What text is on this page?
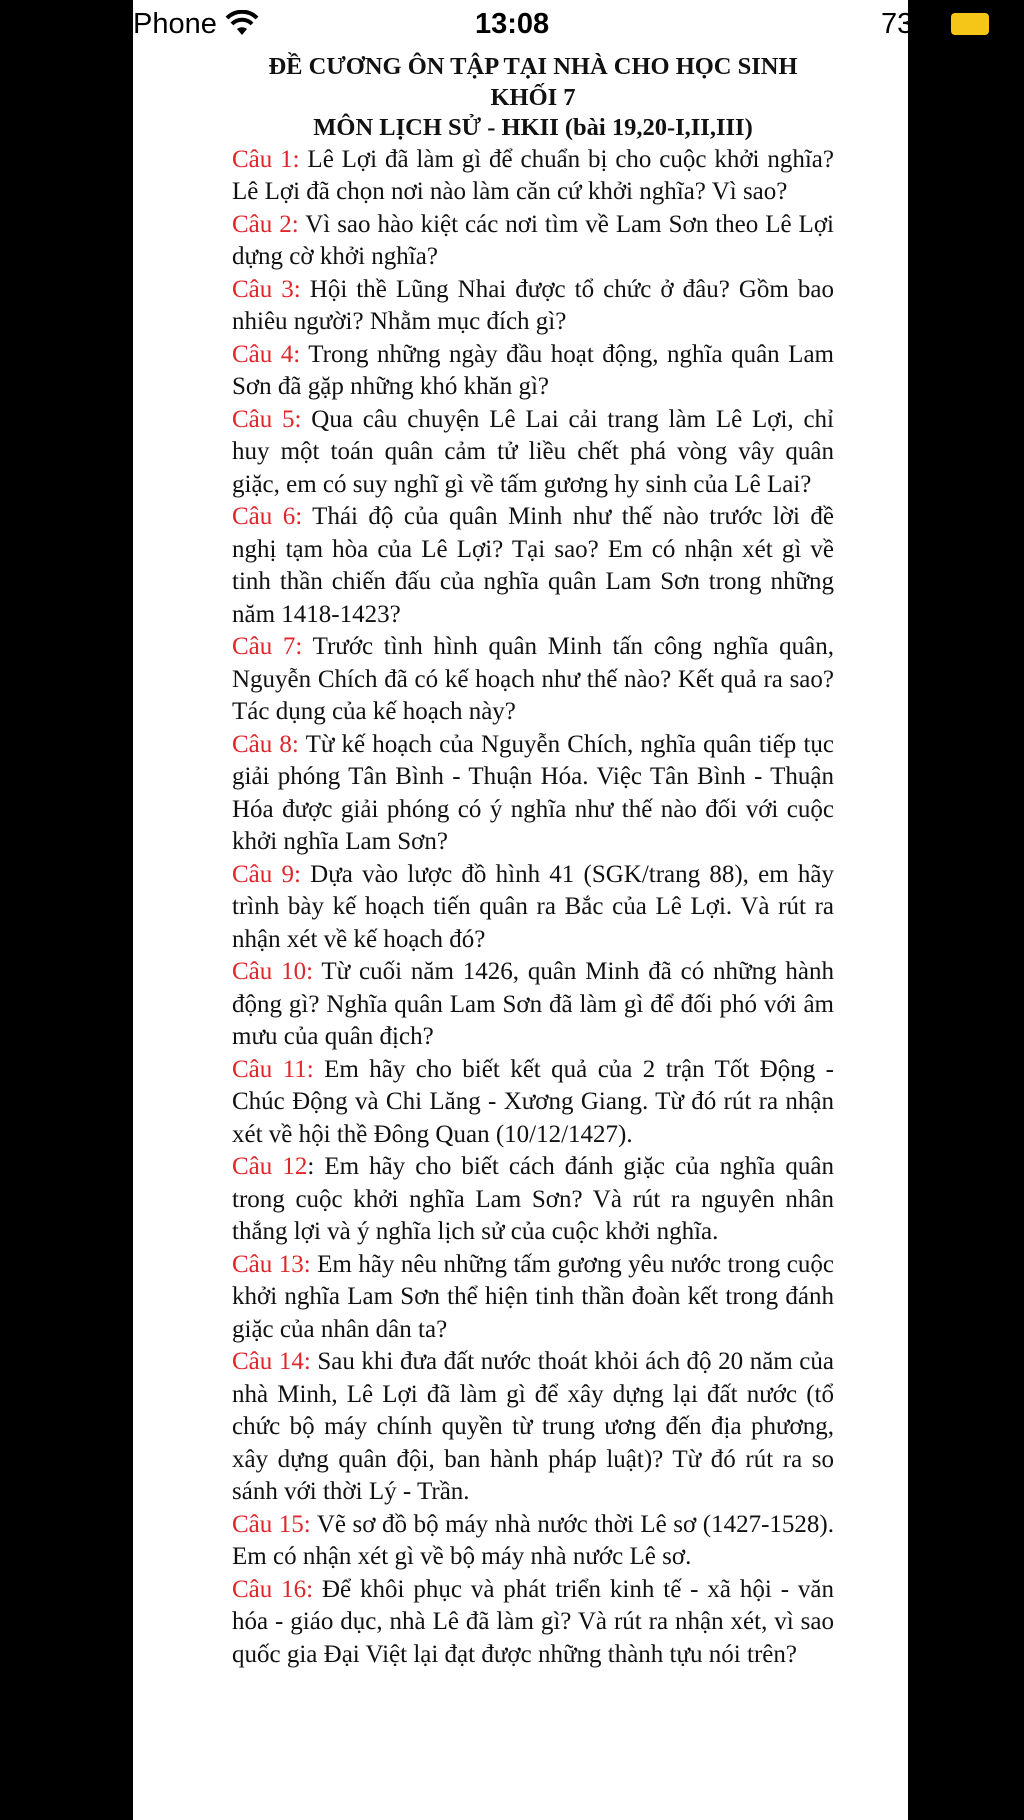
Phone	13:08	73
ĐỀ CƯƠNG ÔN TẬP TẠI NHÀ CHO HỌC SINH
KHỐI 7
MÔN LỊCH SỬ - HKII (bài 19,20-I,II,III)
Câu 1: Lê Lợi đã làm gì để chuẩn bị cho cuộc khởi nghĩa? Lê Lợi đã chọn nơi nào làm căn cứ khởi nghĩa? Vì sao?
Câu 2: Vì sao hào kiệt các nơi tìm về Lam Sơn theo Lê Lợi dựng cờ khởi nghĩa?
Câu 3: Hội thề Lũng Nhai được tổ chức ở đâu? Gồm bao nhiêu người? Nhằm mục đích gì?
Câu 4: Trong những ngày đầu hoạt động, nghĩa quân Lam Sơn đã gặp những khó khăn gì?
Câu 5: Qua câu chuyện Lê Lai cải trang làm Lê Lợi, chỉ huy một toán quân cảm tử liều chết phá vòng vây quân giặc, em có suy nghĩ gì về tấm gương hy sinh của Lê Lai?
Câu 6: Thái độ của quân Minh như thế nào trước lời đề nghị tạm hòa của Lê Lợi? Tại sao? Em có nhận xét gì về tinh thần chiến đấu của nghĩa quân Lam Sơn trong những năm 1418-1423?
Câu 7: Trước tình hình quân Minh tấn công nghĩa quân, Nguyễn Chích đã có kế hoạch như thế nào? Kết quả ra sao? Tác dụng của kế hoạch này?
Câu 8: Từ kế hoạch của Nguyễn Chích, nghĩa quân tiếp tục giải phóng Tân Bình - Thuận Hóa. Việc Tân Bình - Thuận Hóa được giải phóng có ý nghĩa như thế nào đối với cuộc khởi nghĩa Lam Sơn?
Câu 9: Dựa vào lược đồ hình 41 (SGK/trang 88), em hãy trình bày kế hoạch tiến quân ra Bắc của Lê Lợi. Và rút ra nhận xét về kế hoạch đó?
Câu 10: Từ cuối năm 1426, quân Minh đã có những hành động gì? Nghĩa quân Lam Sơn đã làm gì để đối phó với âm mưu của quân địch?
Câu 11: Em hãy cho biết kết quả của 2 trận Tốt Động - Chúc Động và Chi Lăng - Xương Giang. Từ đó rút ra nhận xét về hội thề Đông Quan (10/12/1427).
Câu 12: Em hãy cho biết cách đánh giặc của nghĩa quân trong cuộc khởi nghĩa Lam Sơn? Và rút ra nguyên nhân thắng lợi và ý nghĩa lịch sử của cuộc khởi nghĩa.
Câu 13: Em hãy nêu những tấm gương yêu nước trong cuộc khởi nghĩa Lam Sơn thể hiện tinh thần đoàn kết trong đánh giặc của nhân dân ta?
Câu 14: Sau khi đưa đất nước thoát khỏi ách độ 20 năm của nhà Minh, Lê Lợi đã làm gì để xây dựng lại đất nước (tổ chức bộ máy chính quyền từ trung ương đến địa phương, xây dựng quân đội, ban hành pháp luật)? Từ đó rút ra so sánh với thời Lý - Trần.
Câu 15: Vẽ sơ đồ bộ máy nhà nước thời Lê sơ (1427-1528). Em có nhận xét gì về bộ máy nhà nước Lê sơ.
Câu 16: Để khôi phục và phát triển kinh tế - xã hội - văn hóa - giáo dục, nhà Lê đã làm gì? Và rút ra nhận xét, vì sao quốc gia Đại Việt lại đạt được những thành tựu nói trên?
